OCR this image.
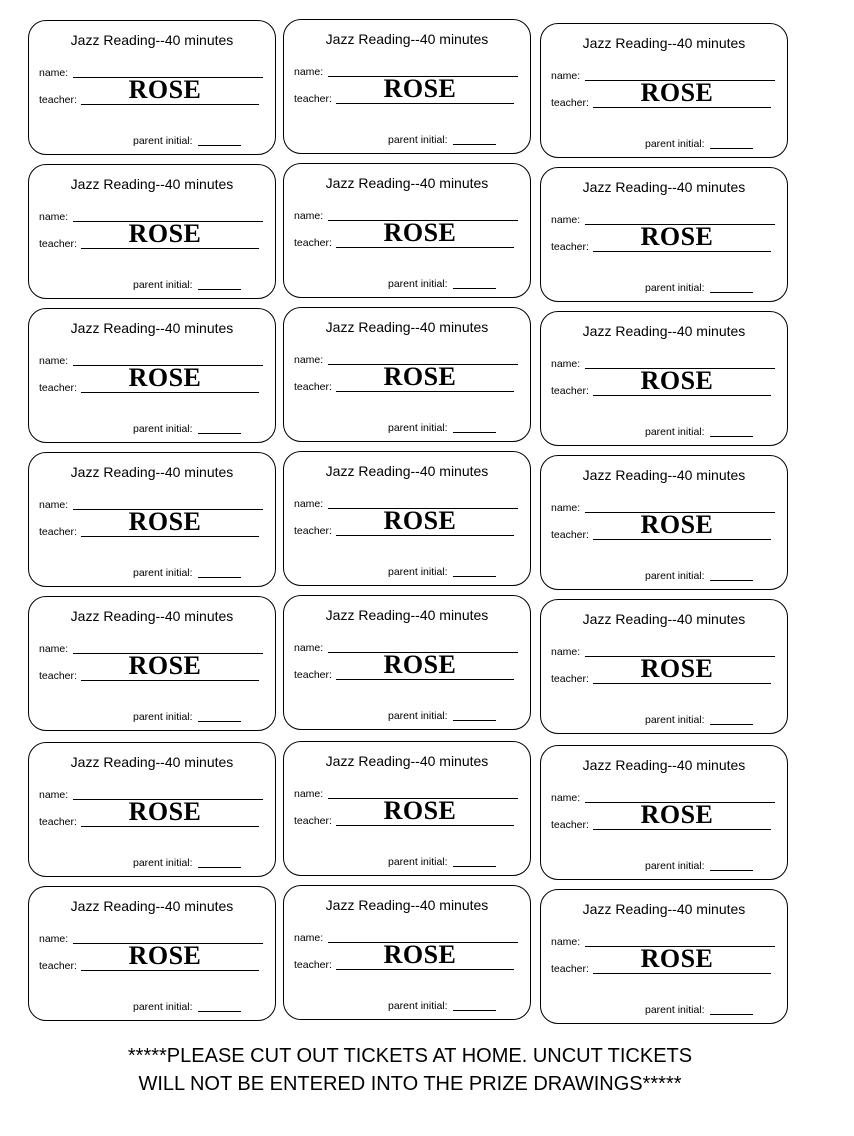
Jazz Reading--40 minutes
name:
teacher:	ROSE
parent initial:
Jazz Reading--40 minutes
name:
teacher:	ROSE
parent initial:
Jazz Reading--40 minutes
name:
teacher:	ROSE
parent initial:
Jazz Reading--40 minutes
name:
teacher:	ROSE
parent initial:
Jazz Reading--40 minutes
name:
teacher:	ROSE
parent initial:
Jazz Reading--40 minutes
name:
teacher:	ROSE
parent initial:
Jazz Reading--40 minutes
name:
teacher:	ROSE
parent initial:
Jazz Reading--40 minutes
name:
teacher:	ROSE
parent initial:
Jazz Reading--40 minutes
name:
teacher:	ROSE
parent initial:
Jazz Reading--40 minutes
name:
teacher:	ROSE
parent initial:
Jazz Reading--40 minutes
name:
teacher:	ROSE
parent initial:
Jazz Reading--40 minutes
name:
teacher:	ROSE
parent initial:
Jazz Reading--40 minutes
name:
teacher:	ROSE
parent initial:
Jazz Reading--40 minutes
name:
teacher:	ROSE
parent initial:
Jazz Reading--40 minutes
name:
teacher:	ROSE
parent initial:
Jazz Reading--40 minutes
name:
teacher:	ROSE
parent initial:
Jazz Reading--40 minutes
name:
teacher:	ROSE
parent initial:
Jazz Reading--40 minutes
name:
teacher:	ROSE
parent initial:
Jazz Reading--40 minutes
name:
teacher:	ROSE
parent initial:
Jazz Reading--40 minutes
name:
teacher:	ROSE
parent initial:
Jazz Reading--40 minutes
name:
teacher:	ROSE
parent initial:
*****PLEASE CUT OUT TICKETS AT HOME. UNCUT TICKETS WILL NOT BE ENTERED INTO THE PRIZE DRAWINGS*****
